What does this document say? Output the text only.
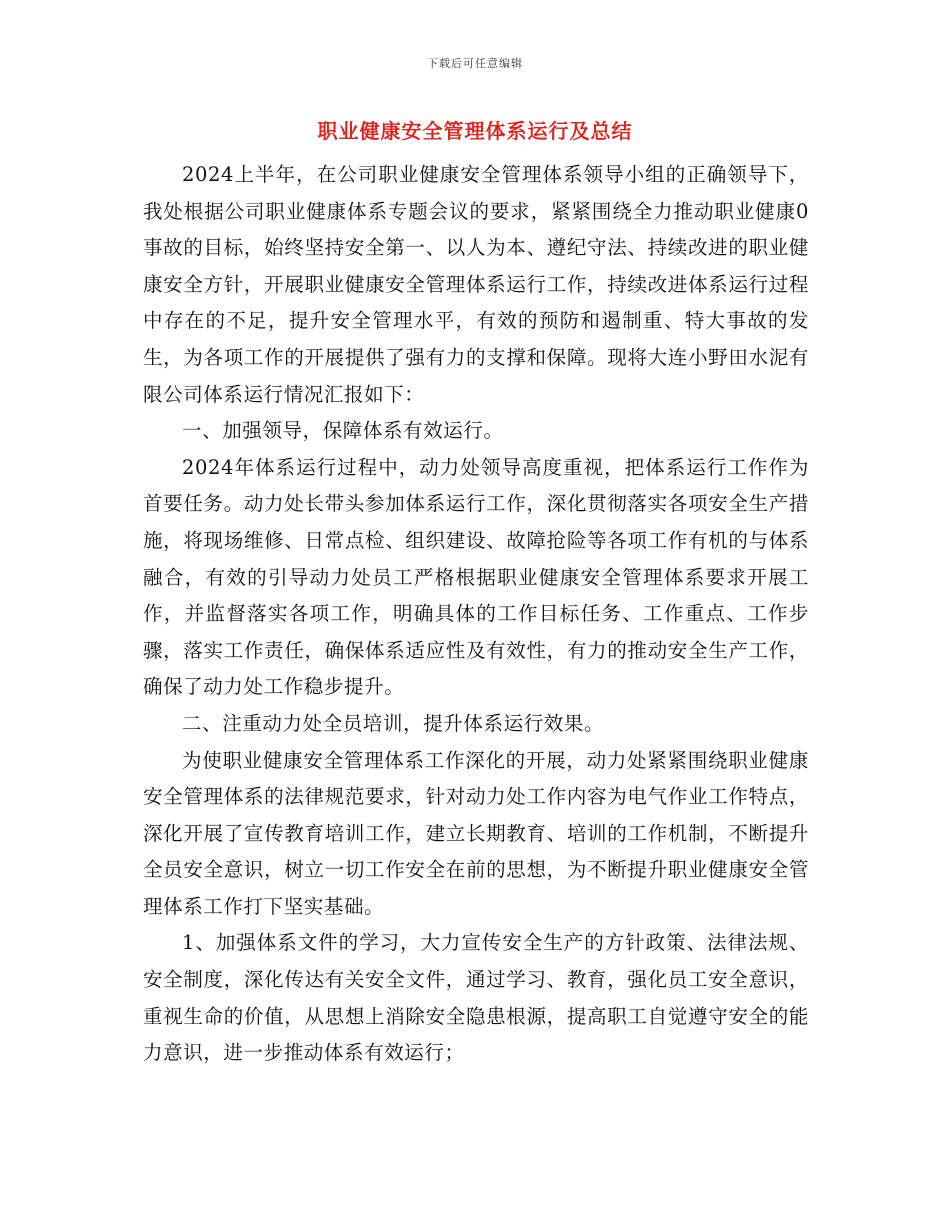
下载后可任意编辑
职业健康安全管理体系运行及总结

2024上半年，在公司职业健康安全管理体系领导小组的正确领导下，我处根据公司职业健康体系专题会议的要求，紧紧围绕全力推动职业健康0事故的目标，始终坚持安全第一、以人为本、遵纪守法、持续改进的职业健康安全方针，开展职业健康安全管理体系运行工作，持续改进体系运行过程中存在的不足，提升安全管理水平，有效的预防和遏制重、特大事故的发生，为各项工作的开展提供了强有力的支撑和保障。现将大连小野田水泥有限公司体系运行情况汇报如下：

一、加强领导，保障体系有效运行。

2024年体系运行过程中，动力处领导高度重视，把体系运行工作作为首要任务。动力处长带头参加体系运行工作，深化贯彻落实各项安全生产措施，将现场维修、日常点检、组织建设、故障抢险等各项工作有机的与体系融合，有效的引导动力处员工严格根据职业健康安全管理体系要求开展工作，并监督落实各项工作，明确具体的工作目标任务、工作重点、工作步骤，落实工作责任，确保体系适应性及有效性，有力的推动安全生产工作，确保了动力处工作稳步提升。

二、注重动力处全员培训，提升体系运行效果。

为使职业健康安全管理体系工作深化的开展，动力处紧紧围绕职业健康安全管理体系的法律规范要求，针对动力处工作内容为电气作业工作特点，深化开展了宣传教育培训工作，建立长期教育、培训的工作机制，不断提升全员安全意识，树立一切工作安全在前的思想，为不断提升职业健康安全管理体系工作打下坚实基础。

1、加强体系文件的学习，大力宣传安全生产的方针政策、法律法规、安全制度，深化传达有关安全文件，通过学习、教育，强化员工安全意识，重视生命的价值，从思想上消除安全隐患根源，提高职工自觉遵守安全的能力意识，进一步推动体系有效运行；
